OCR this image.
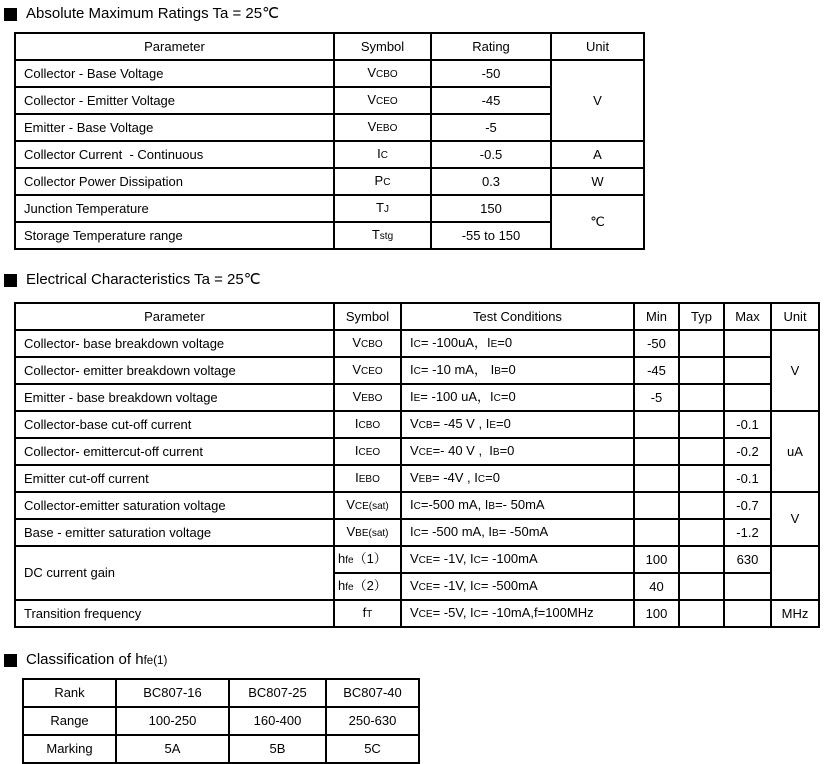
Absolute Maximum Ratings Ta = 25℃
Parameter	Symbol	Rating	Unit
Collector - Base Voltage	VCBO	-50	V
Collector - Emitter Voltage	VCEO	-45	
Emitter - Base Voltage	VEBO	-5	
Collector Current  - Continuous	IC	-0.5	A
Collector Power Dissipation	PC	0.3	W
Junction Temperature	TJ	150	℃
Storage Temperature range	Tstg	-55 to 150	
Electrical Characteristics Ta = 25℃
Parameter	Symbol	Test Conditions	Min	Typ	Max	Unit
Collector- base breakdown voltage	VCBO	IC= -100uA，IE=0	-50			V
Collector- emitter breakdown voltage	VCEO	IC= -10 mA， IB=0	-45			
Emitter - base breakdown voltage	VEBO	IE= -100 uA，IC=0	-5			
Collector-base cut-off current	ICBO	VCB= -45 V , IE=0			-0.1	uA
Collector- emittercut-off current	ICEO	VCE=- 40 V ,  IB=0			-0.2	
Emitter cut-off current	IEBO	VEB= -4V , IC=0			-0.1	
Collector-emitter saturation voltage	VCE(sat)	IC=-500 mA, IB=- 50mA			-0.7	V
Base - emitter saturation voltage	VBE(sat)	IC= -500 mA, IB= -50mA			-1.2	
DC current gain	hfe（1）	VCE= -1V, IC= -100mA	100		630	
	hfe（2）	VCE= -1V, IC= -500mA	40			
Transition frequency	fT	VCE= -5V, IC= -10mA,f=100MHz	100			MHz
Classification of hfe(1)
Rank	BC807-16	BC807-25	BC807-40
Range	100-250	160-400	250-630
Marking	5A	5B	5C
